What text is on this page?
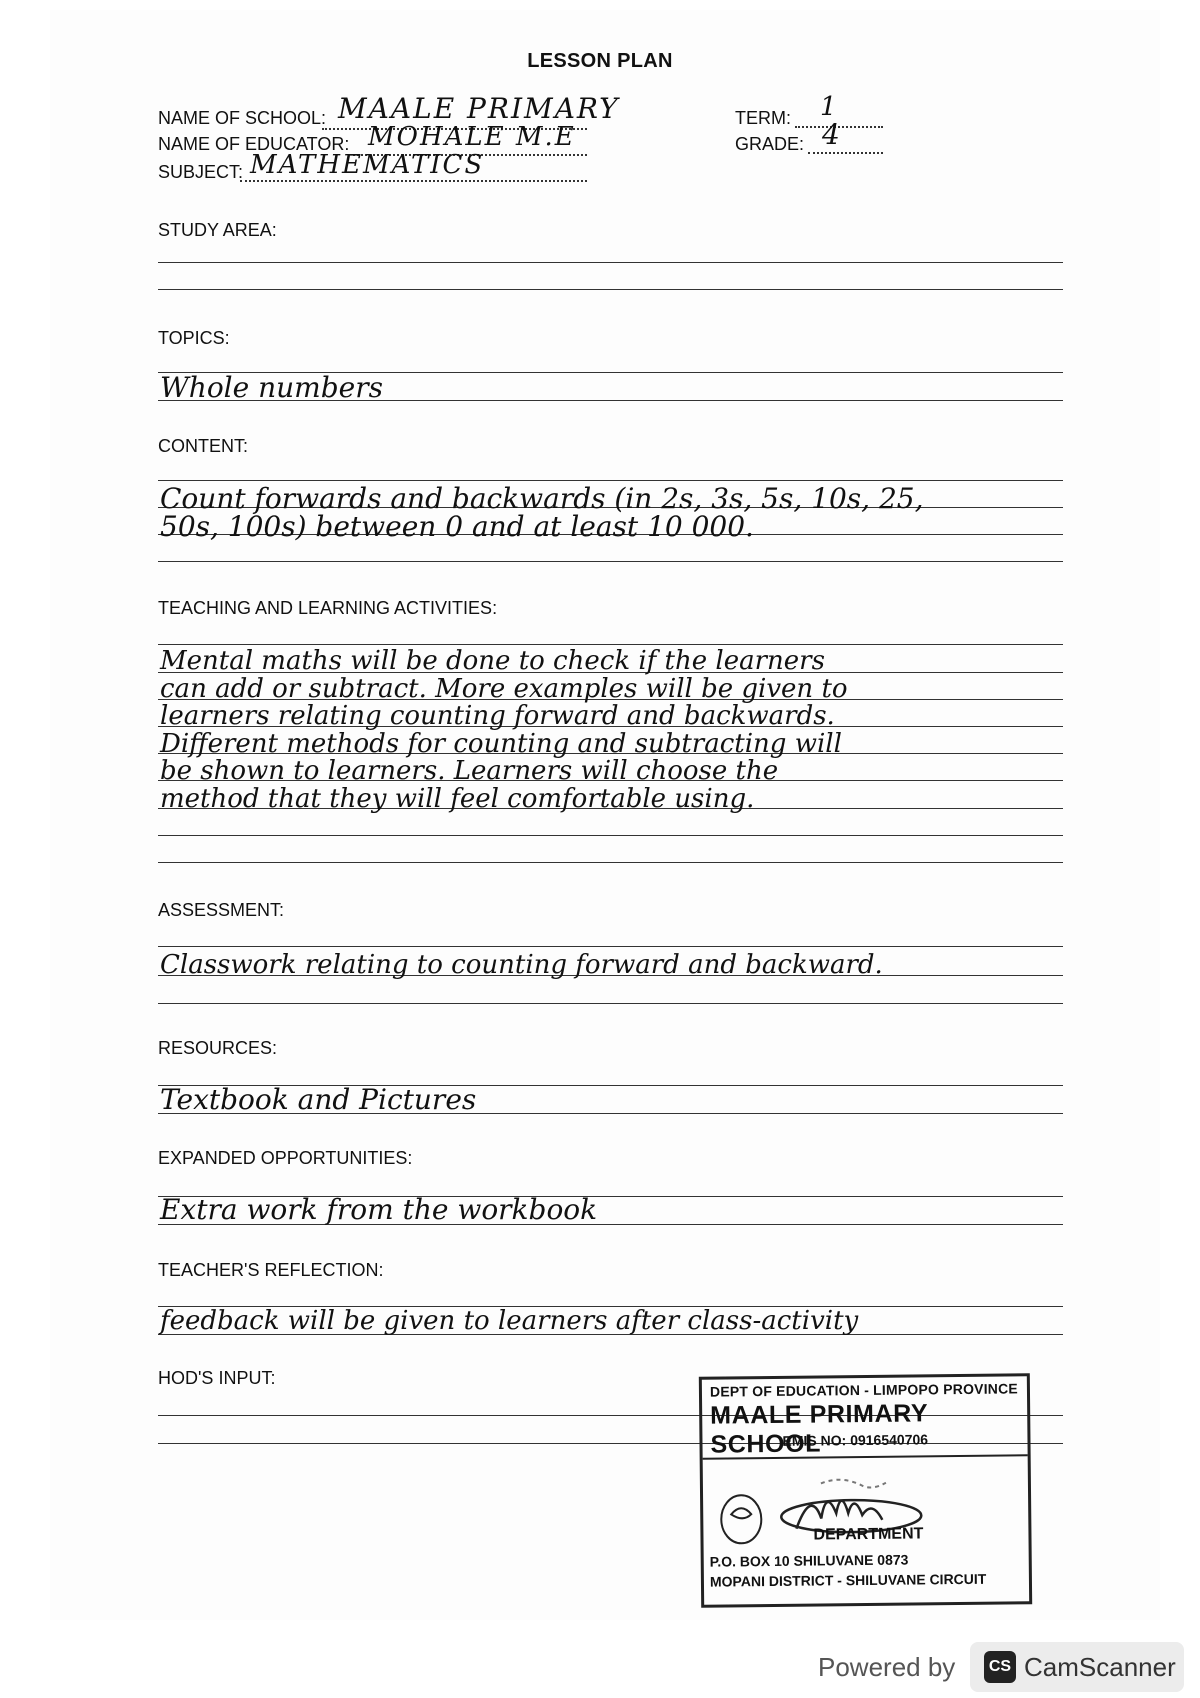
LESSON PLAN
NAME OF SCHOOL: MAALE PRIMARY
NAME OF EDUCATOR: MOHALE M.E
SUBJECT: MATHEMATICS
TERM: 1
GRADE: 4
STUDY AREA:
TOPICS:
Whole numbers
CONTENT:
Count forwards and backwards (in 2s, 3s, 5s, 10s, 25,
50s, 100s) between 0 and at least 10 000.
TEACHING AND LEARNING ACTIVITIES:
Mental maths will be done to check if the learners
can add or subtract. More examples will be given to
learners relating counting forward and backwards.
Different methods for counting and subtracting will
be shown to learners. Learners will choose the
method that they will feel comfortable using.
ASSESSMENT:
Classwork relating to counting forward and backward.
RESOURCES:
Textbook and Pictures
EXPANDED OPPORTUNITIES:
Extra work from the workbook
TEACHER'S REFLECTION:
feedback will be given to learners after class-activity
HOD'S INPUT:
DEPT OF EDUCATION - LIMPOPO PROVINCE
MAALE PRIMARY SCHOOL
EMIS NO: 0916540706
DEPARTMENT
P.O. BOX 10 SHILUVANE 0873
MOPANI DISTRICT - SHILUVANE CIRCUIT
Powered by	CS CamScanner
